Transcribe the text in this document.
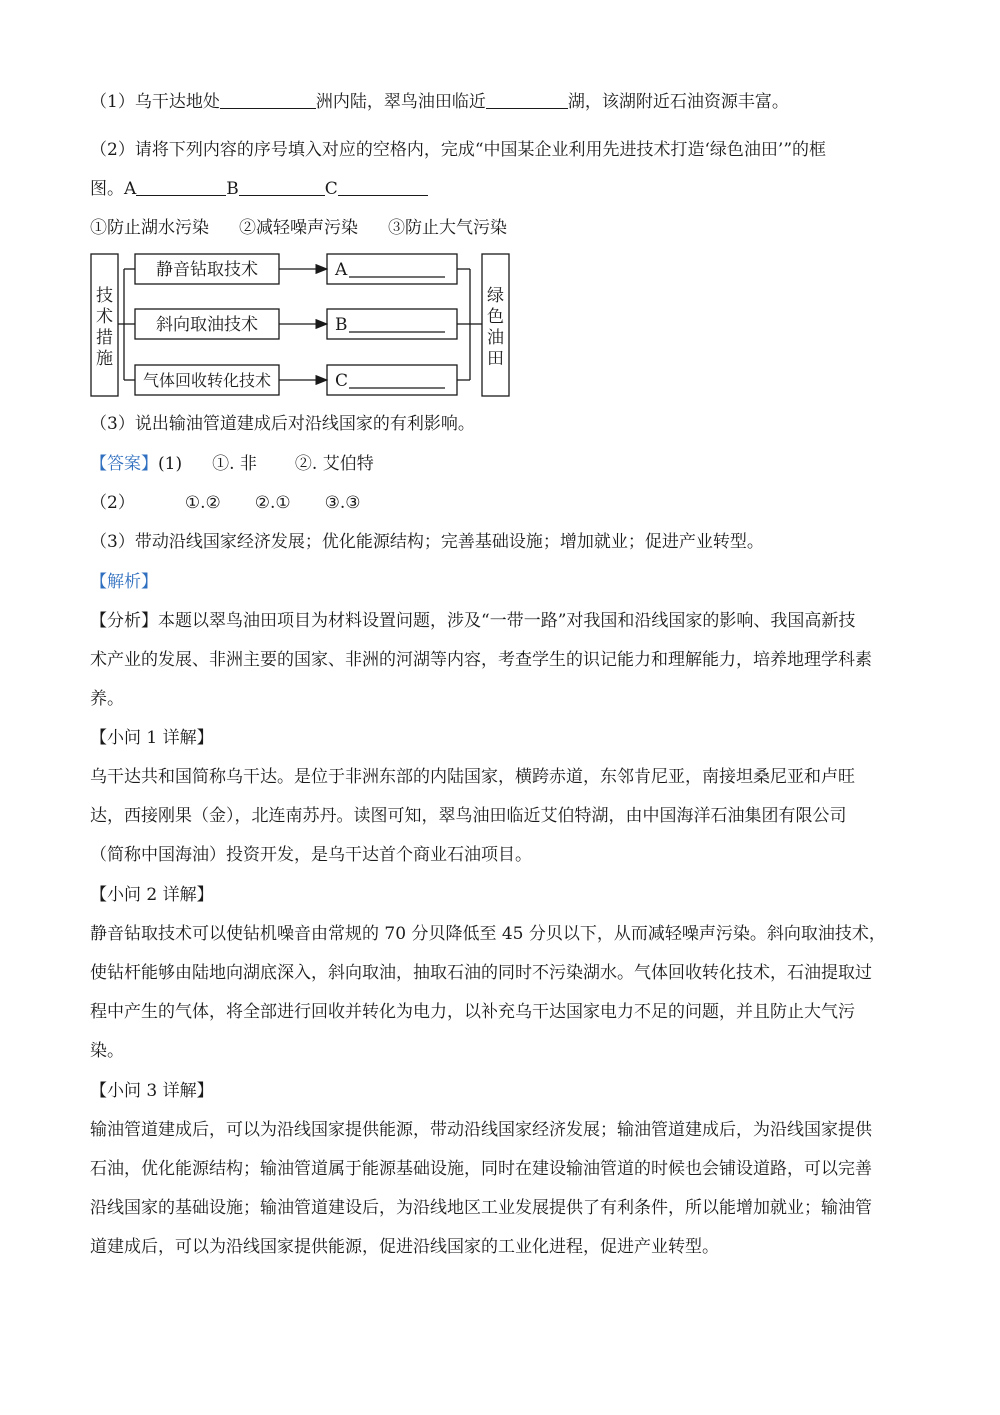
（1）乌干达地处	洲内陆，翠鸟油田临近	湖，该湖附近石油资源丰富。
（2）请将下列内容的序号填入对应的空格内，完成“中国某企业利用先进技术打造‘绿色油田’”的框
图。A	B	C
①防止湖水污染 ②减轻噪声污染 ③防止大气污染
技
术
措
施
绿
色
油
田
静音钻取技术
斜向取油技术
气体回收转化技术
A
B
C
（3）说出输油管道建成后对沿线国家的有利影响。
【答案】(1) ①. 非 ②. 艾伯特
（2）	①.② ②.① ③.③
（3）带动沿线国家经济发展；优化能源结构；完善基础设施；增加就业；促进产业转型。
【解析】
【分析】本题以翠鸟油田项目为材料设置问题，涉及“一带一路”对我国和沿线国家的影响、我国高新技
术产业的发展、非洲主要的国家、非洲的河湖等内容，考查学生的识记能力和理解能力，培养地理学科素
养。
【小问 1 详解】
乌干达共和国简称乌干达。是位于非洲东部的内陆国家，横跨赤道，东邻肯尼亚，南接坦桑尼亚和卢旺
达，西接刚果（金），北连南苏丹。读图可知，翠鸟油田临近艾伯特湖，由中国海洋石油集团有限公司
（简称中国海油）投资开发，是乌干达首个商业石油项目。
【小问 2 详解】
静音钻取技术可以使钻机噪音由常规的 70 分贝降低至 45 分贝以下，从而减轻噪声污染。斜向取油技术，
使钻杆能够由陆地向湖底深入，斜向取油，抽取石油的同时不污染湖水。气体回收转化技术，石油提取过
程中产生的气体，将全部进行回收并转化为电力，以补充乌干达国家电力不足的问题，并且防止大气污
染。
【小问 3 详解】
输油管道建成后，可以为沿线国家提供能源，带动沿线国家经济发展；输油管道建成后，为沿线国家提供
石油，优化能源结构；输油管道属于能源基础设施，同时在建设输油管道的时候也会铺设道路，可以完善
沿线国家的基础设施；输油管道建设后，为沿线地区工业发展提供了有利条件，所以能增加就业；输油管
道建成后，可以为沿线国家提供能源，促进沿线国家的工业化进程，促进产业转型。
